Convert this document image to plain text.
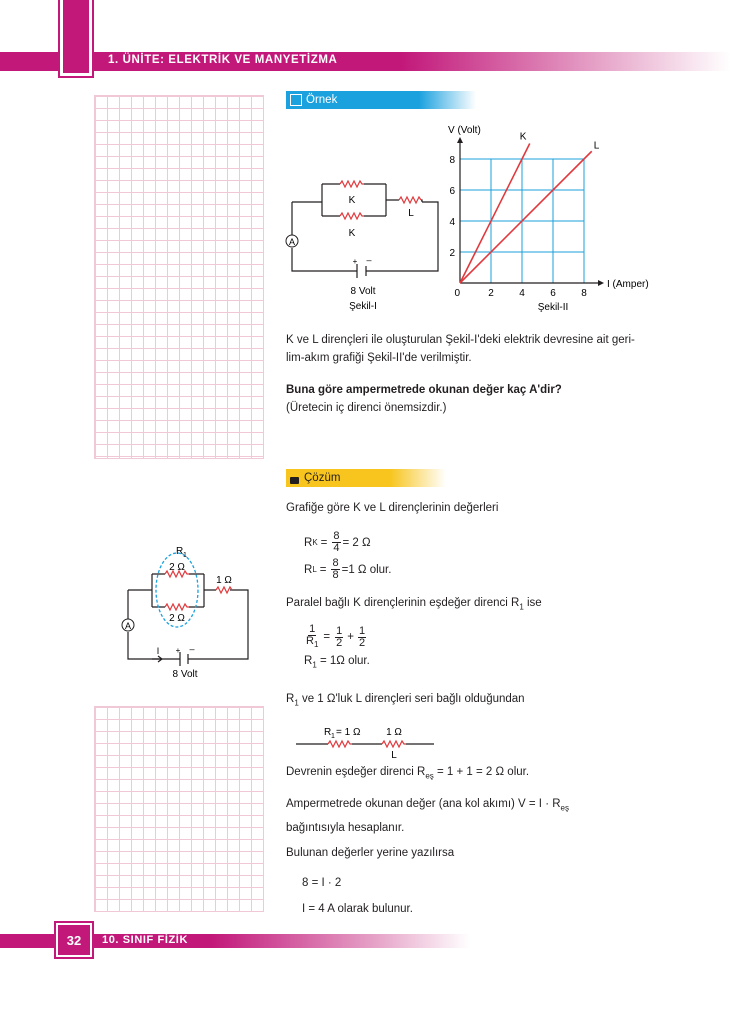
1. ÜNİTE: ELEKTRİK VE MANYETİZMA
Örnek
A
K
K
L
+ –
8 Volt
Şekil-I
K
L
0	2	4	6	8
2
4
6
8
V (Volt)
I (Amper)
Şekil-II
K ve L dirençleri ile oluşturulan Şekil-I'deki elektrik devresine ait geri-
lim-akım grafiği Şekil-II'de verilmiştir.
Buna göre ampermetrede okunan değer kaç A'dir?
(Üretecin iç direnci önemsizdir.)
Çözüm
Grafiğe göre K ve L dirençlerinin değerleri
R $K = \frac{8}{4} = 2$ Ω
R $L = \frac{8}{8} =1$ Ω olur.
Paralel bağlı K dirençlerinin eşdeğer direnci $R_1$ ise
$\frac{1}{R_1} = \frac{1}{2} + \frac{1}{2}$
$R_1 = 1\Omega$ olur.
A
R 1
2 Ω
2 Ω
1 Ω
I + –
8 Volt
$R_1$ ve 1 Ω'luk L dirençleri seri bağlı olduğundan
R 1 = 1 Ω	1 Ω
L
Devrenin eşdeğer direnci $R_{eş} = 1 + 1 = 2$ Ω olur.
Ampermetrede okunan değer (ana kol akımı) $V = I \cdot R_{eş}$
bağıntısıyla hesaplanır.
Bulunan değerler yerine yazılırsa
8 = I · 2
I = 4 A olarak bulunur.
32 10. SINIF FİZİK
